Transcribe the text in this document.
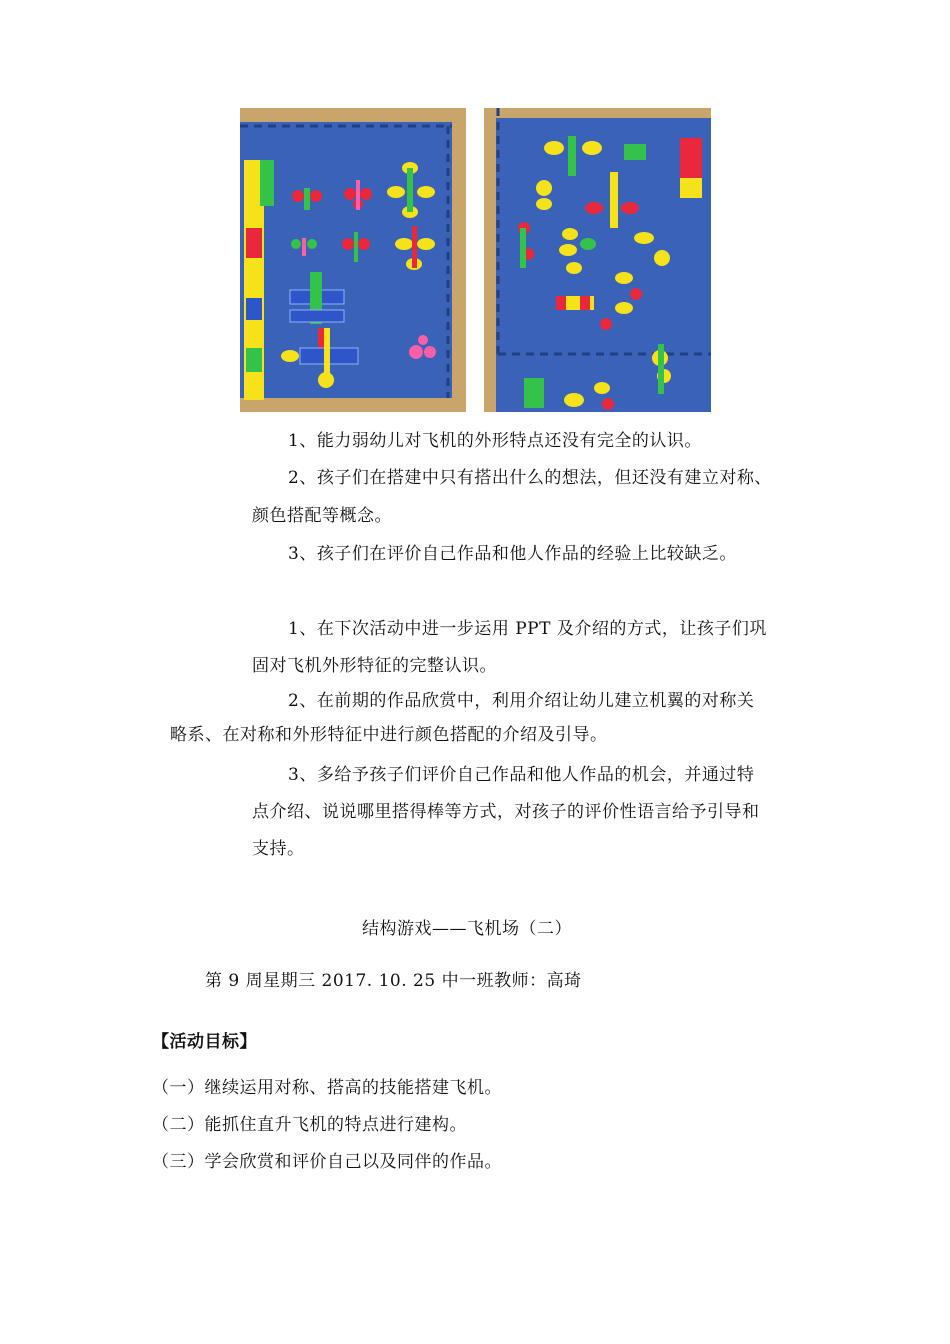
1、能力弱幼儿对飞机的外形特点还没有完全的认识。
2、孩子们在搭建中只有搭出什么的想法，但还没有建立对称、
颜色搭配等概念。
3、孩子们在评价自己作品和他人作品的经验上比较缺乏。
1、在下次活动中进一步运用 PPT 及介绍的方式，让孩子们巩
固对飞机外形特征的完整认识。
2、在前期的作品欣赏中，利用介绍让幼儿建立机翼的对称关
略系、在对称和外形特征中进行颜色搭配的介绍及引导。
3、多给予孩子们评价自己作品和他人作品的机会，并通过特
点介绍、说说哪里搭得棒等方式，对孩子的评价性语言给予引导和
支持。
结构游戏——飞机场（二）
第 9 周星期三 2017. 10. 25 中一班教师：高琦
【活动目标】
（一）继续运用对称、搭高的技能搭建飞机。
（二）能抓住直升飞机的特点进行建构。
（三）学会欣赏和评价自己以及同伴的作品。
